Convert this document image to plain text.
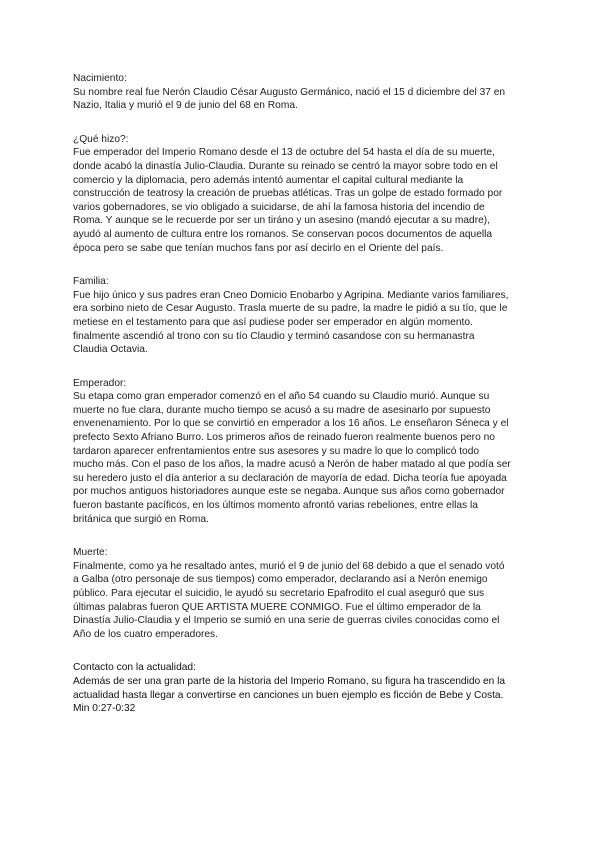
Nacimiento:

Su nombre real fue Nerón Claudio César Augusto Germánico, nació el 15 d diciembre del 37 en

Nazio, Italia y murió el 9 de junio del 68 en Roma.

¿Qué hizo?:

Fue emperador del Imperio Romano desde el 13 de octubre del 54 hasta el día de su muerte,

donde acabó la dinastía Julio-Claudia. Durante su reinado se centró la mayor sobre todo en el

comercio y la diplomacia, pero además intentó aumentar el capital cultural mediante la

construcción de teatrosy la creación de pruebas atléticas. Tras un golpe de estado formado por

varios gobernadores, se vio obligado a suicidarse, de ahí la famosa historia del incendio de

Roma. Y aunque se le recuerde por ser un tiráno y un asesino (mandó ejecutar a su madre),

ayudó al aumento de cultura entre los romanos. Se conservan pocos documentos de aquella

época pero se sabe que tenían muchos fans por así decirlo en el Oriente del país.

Familia:

Fue hijo único y sus padres eran Cneo Domicio Enobarbo y Agripina. Mediante varios familiares,

era sorbino nieto de Cesar Augusto. Trasla muerte de su padre, la madre le pidió a su tío, que le

metiese en el testamento para que así pudiese poder ser emperador en algún momento.

finalmente ascendió al trono con su tío Claudio y terminó casandose con su hermanastra

Claudia Octavia.

Emperador:

Su etapa como gran emperador comenzó en el año 54 cuando su Claudio murió. Aunque su

muerte no fue clara, durante mucho tiempo se acusó a su madre de asesinarlo por supuesto

envenenamiento. Por lo que se convirtió en emperador a los 16 años. Le enseñaron Séneca y el

prefecto Sexto Afriano Burro. Los primeros años de reinado fueron realmente buenos pero no

tardaron aparecer enfrentamientos entre sus asesores y su madre lo que lo complicó todo

mucho más. Con el paso de los años, la madre acusó a Nerón de haber matado al que podía ser

su heredero justo el día anterior a su declaración de mayoría de edad. Dicha teoría fue apoyada

por muchos antiguos historiadores aunque este se negaba. Aunque sus años como gobernador

fueron bastante pacíficos, en los últimos momento afrontó varias rebeliones, entre ellas la

británica que surgió en Roma.

Muerte:

Finalmente, como ya he resaltado antes, murió el 9 de junio del 68 debido a que el senado votó

a Galba (otro personaje de sus tiempos) como emperador, declarando así a Nerón enemigo

público. Para ejecutar el suicidio, le ayudó su secretario Epafrodito el cual aseguró que sus

últimas palabras fueron QUE ARTISTA MUERE CONMIGO. Fue el último emperador de la

Dinastía Julio-Claudia y el Imperio se sumió en una serie de guerras civiles conocidas como el

Año de los cuatro emperadores.

Contacto con la actualidad:

Además de ser una gran parte de la historia del Imperio Romano, su figura ha trascendido en la

actualidad hasta llegar a convertirse en canciones un buen ejemplo es ficción de Bebe y Costa.

Min 0:27-0:32
